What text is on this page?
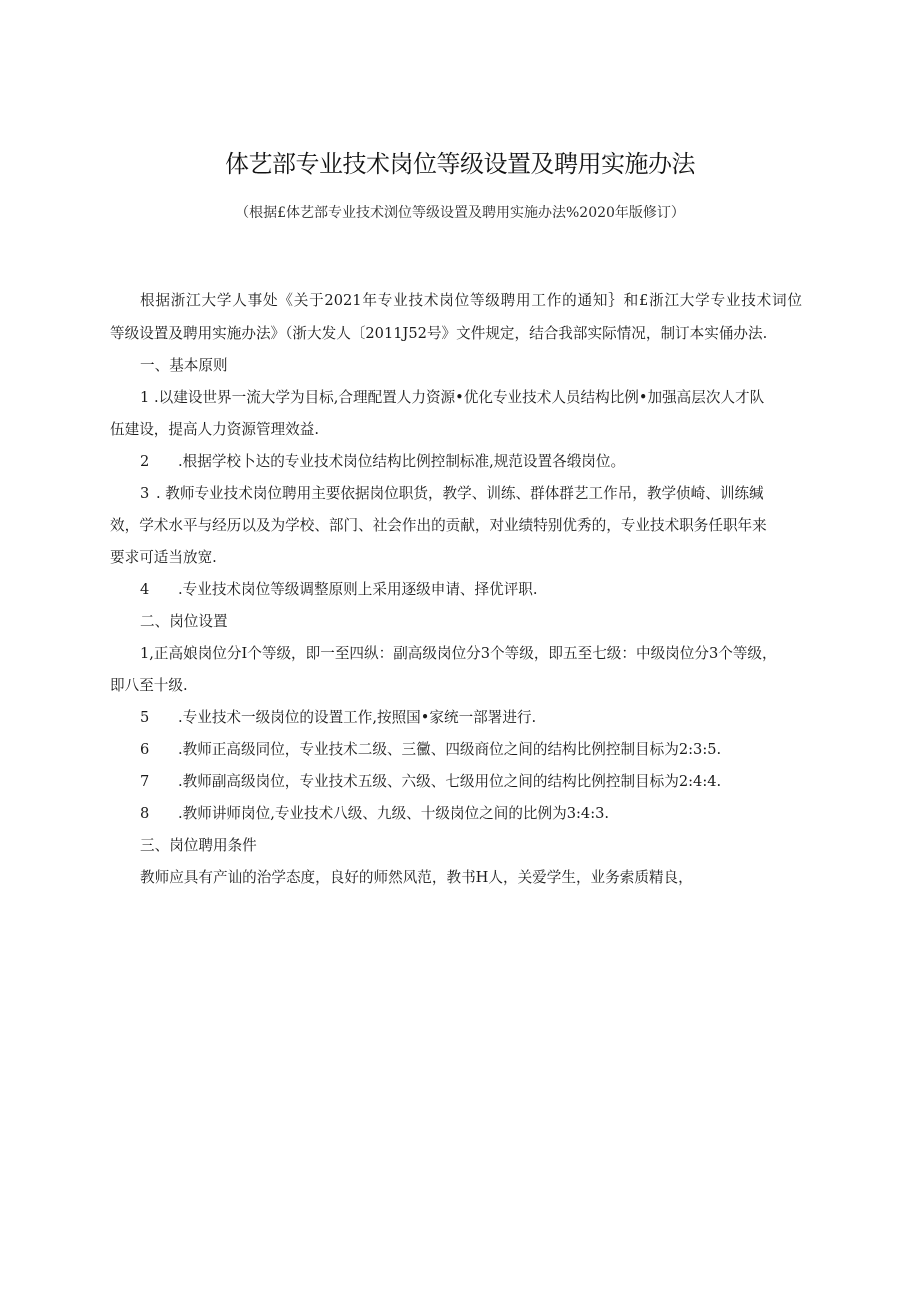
体艺部专业技术岗位等级设置及聘用实施办法
（根据£体艺部专业技术浏位等级设置及聘用实施办法%2020年版修订）
根据浙江大学人事处《关于2021年专业技术岗位等级聘用工作的通知｝和£浙江大学专业技术词位
等级设置及聘用实施办法》（浙大发人〔2011J52号》文件规定，结合我部实际情况，制订本实俑办法.
一、基本原则
1 .以建设世界一流大学为目标,合理配置人力资源•优化专业技术人员结构比例•加强高层次人才队
伍建设，提高人力资源管理效益.
2 .根据学校卜达的专业技术岗位结构比例控制标准,规范设置各缎岗位。
3 . 教师专业技术岗位聘用主要依据岗位职货，教学、训练、群体群艺工作吊，教学侦崎、训练缄
效，学术水平与经历以及为学校、部门、社会作出的贡献，对业绩特别优秀的，专业技术职务任职年来
要求可适当放宽.
4 .专业技术岗位等级调整原则上采用逐级申请、择优评职.
二、岗位设置
1,正高娘岗位分Ⅰ个等级，即一至四纵：副高级岗位分3个等级，即五至七级：中级岗位分3个等级，
即八至十级.
5 .专业技术一级岗位的设置工作,按照国•家统一部署进行.
6 .教师正高级同位，专业技术二级、三黴、四级商位之间的结构比例控制目标为2:3:5.
7 .教师副高级岗位，专业技术五级、六级、七级用位之间的结构比例控制目标为2:4:4.
8 .教师讲师岗位,专业技术八级、九级、十级岗位之间的比例为3:4:3.
三、岗位聘用条件
教师应具有产讪的治学态度，良好的师然风范，教书H人，关爱学生，业务索质精良，
